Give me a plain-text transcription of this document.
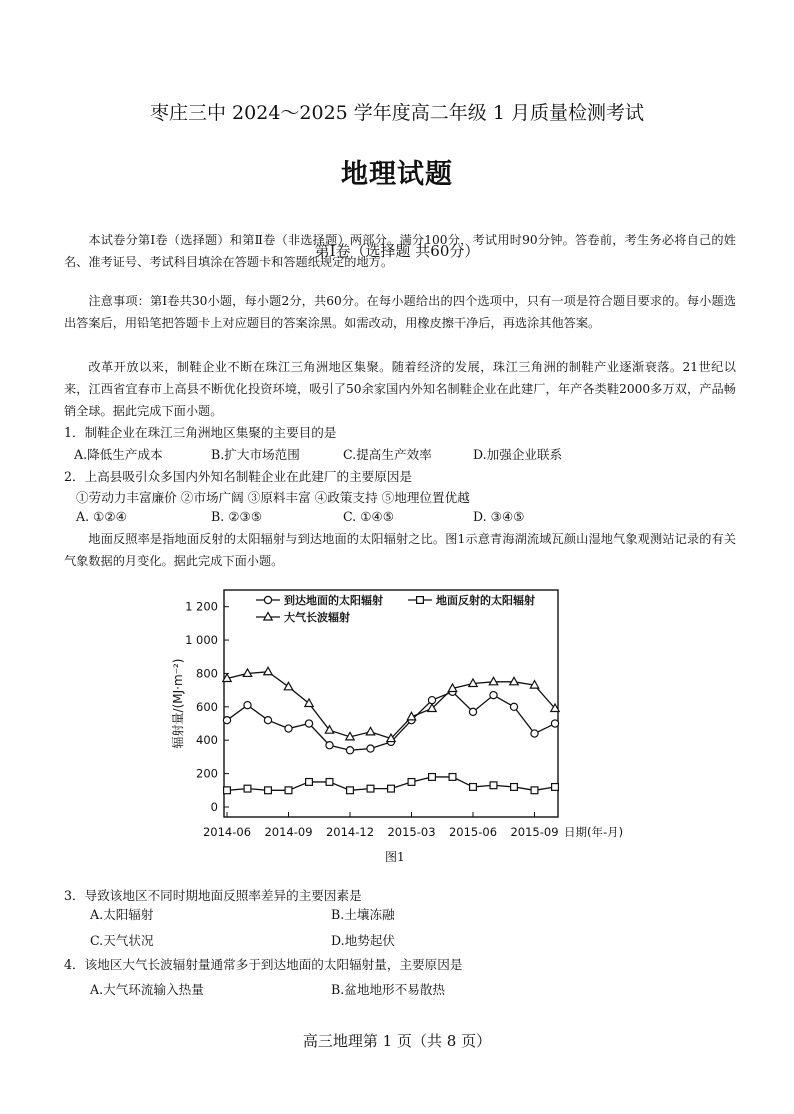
枣庄三中 2024～2025 学年度高二年级 1 月质量检测考试
地理试题
本试卷分第Ⅰ卷（选择题）和第Ⅱ卷（非选择题）两部分。满分100分，考试用时90分钟。答卷前，考生务必将自己的姓名、准考证号、考试科目填涂在答题卡和答题纸规定的地方。
第Ⅰ卷（选择题 共60分）
注意事项：第Ⅰ卷共30小题，每小题2分，共60分。在每小题给出的四个选项中，只有一项是符合题目要求的。每小题选出答案后，用铅笔把答题卡上对应题目的答案涂黑。如需改动，用橡皮擦干净后，再选涂其他答案。
改革开放以来，制鞋企业不断在珠江三角洲地区集聚。随着经济的发展，珠江三角洲的制鞋产业逐渐衰落。21世纪以来，江西省宜春市上高县不断优化投资环境，吸引了50余家国内外知名制鞋企业在此建厂，年产各类鞋2000多万双，产品畅销全球。据此完成下面小题。
1．制鞋企业在珠江三角洲地区集聚的主要目的是
A.降低生产成本	B.扩大市场范围	C.提高生产效率	D.加强企业联系
2．上高县吸引众多国内外知名制鞋企业在此建厂的主要原因是
①劳动力丰富廉价 ②市场广阔 ③原料丰富 ④政策支持 ⑤地理位置优越
A. ①②④	B. ②③⑤	C. ①④⑤	D. ③④⑤
地面反照率是指地面反射的太阳辐射与到达地面的太阳辐射之比。图1示意青海湖流域瓦颜山湿地气象观测站记录的有关气象数据的月变化。据此完成下面小题。
0
200
400
600
800
1 000
1 200
2014-06 2014-09 2014-12 2015-03 2015-06 2015-09
辐射量/(MJ·m⁻²)
日期(年-月)
到达地面的太阳辐射	地面反射的太阳辐射
大气长波辐射
图1
3．导致该地区不同时期地面反照率差异的主要因素是
A.太阳辐射	B.土壤冻融
C.天气状况	D.地势起伏
4．该地区大气长波辐射量通常多于到达地面的太阳辐射量，主要原因是
A.大气环流输入热量	B.盆地地形不易散热
高三地理第 1 页（共 8 页）
